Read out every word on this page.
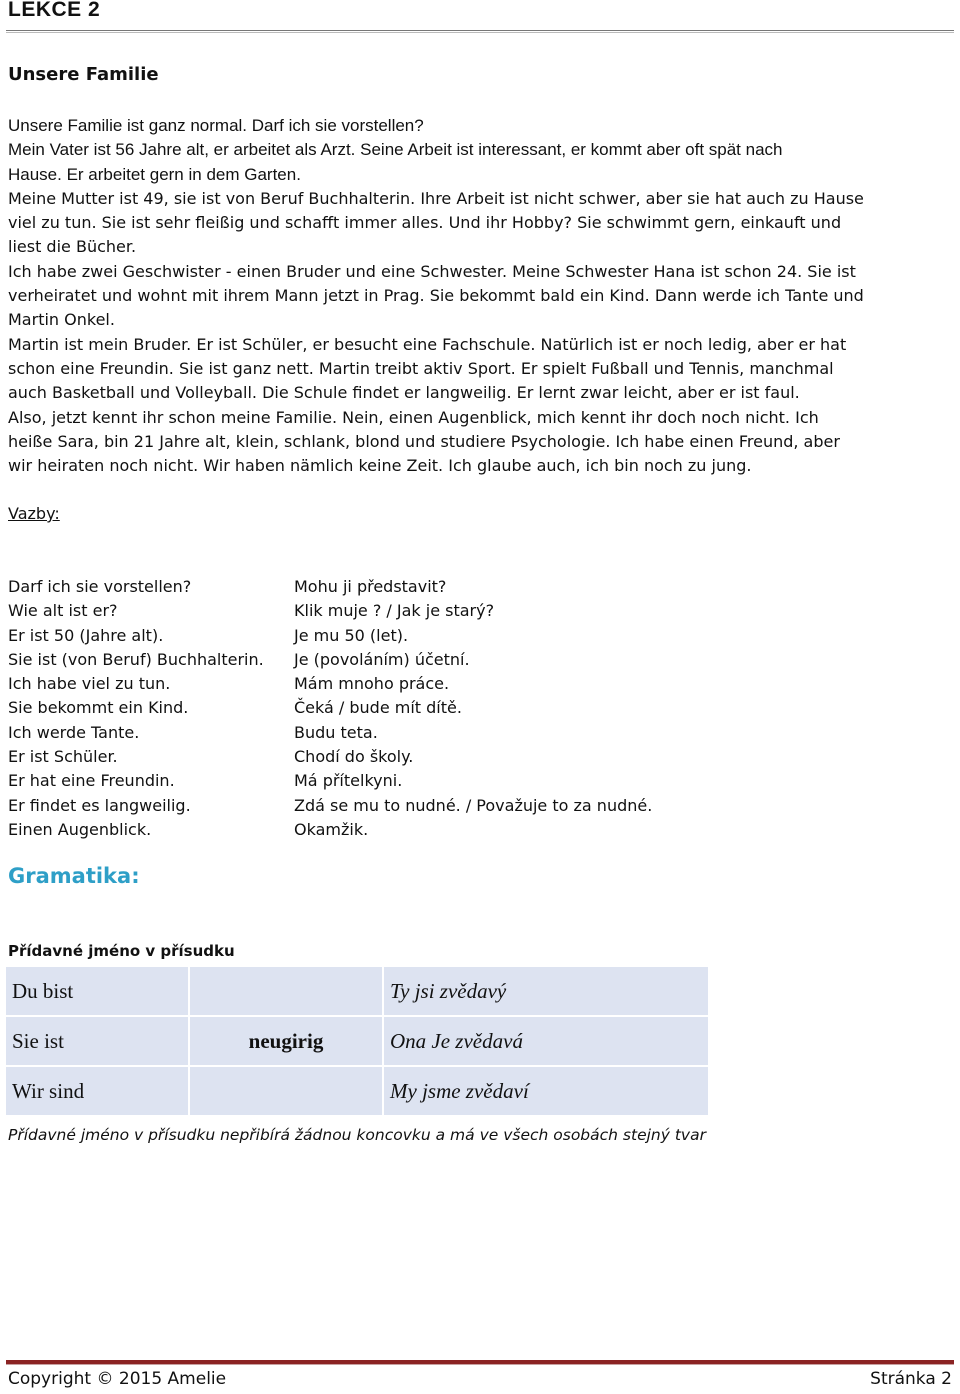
LEKCE 2
Unsere Familie

Unsere Familie ist ganz normal. Darf ich sie vorstellen?

Mein Vater ist 56 Jahre alt, er arbeitet als Arzt. Seine Arbeit ist interessant, er kommt aber oft spät nach

Hause. Er arbeitet gern in dem Garten.

Meine Mutter ist 49, sie ist von Beruf Buchhalterin. Ihre Arbeit ist nicht schwer, aber sie hat auch zu Hause

viel zu tun. Sie ist sehr fleißig und schafft immer alles. Und ihr Hobby? Sie schwimmt gern, einkauft und

liest die Bücher.

Ich habe zwei Geschwister - einen Bruder und eine Schwester. Meine Schwester Hana ist schon 24. Sie ist

verheiratet und wohnt mit ihrem Mann jetzt in Prag. Sie bekommt bald ein Kind. Dann werde ich Tante und

Martin Onkel.

Martin ist mein Bruder. Er ist Schüler, er besucht eine Fachschule. Natürlich ist er noch ledig, aber er hat

schon eine Freundin. Sie ist ganz nett. Martin treibt aktiv Sport. Er spielt Fußball und Tennis, manchmal

auch Basketball und Volleyball. Die Schule findet er langweilig. Er lernt zwar leicht, aber er ist faul.

Also, jetzt kennt ihr schon meine Familie. Nein, einen Augenblick, mich kennt ihr doch noch nicht. Ich

heiße Sara, bin 21 Jahre alt, klein, schlank, blond und studiere Psychologie. Ich habe einen Freund, aber

wir heiraten noch nicht. Wir haben nämlich keine Zeit. Ich glaube auch, ich bin noch zu jung.

Vazby:
Darf ich sie vorstellen?	Mohu ji představit?
Wie alt ist er?	Klik muje ? / Jak je starý?
Er ist 50 (Jahre alt).	Je mu 50 (let).
Sie ist (von Beruf) Buchhalterin.	Je (povoláním) účetní.
Ich habe viel zu tun.	Mám mnoho práce.
Sie bekommt ein Kind.	Čeká / bude mít dítě.
Ich werde Tante.	Budu teta.
Er ist Schüler.	Chodí do školy.
Er hat eine Freundin.	Má přítelkyni.
Er findet es langweilig.	Zdá se mu to nudné. / Považuje to za nudné.
Einen Augenblick.	Okamžik.
Gramatika:
Přídavné jméno v přísudku
Du bist		Ty jsi zvědavý
Sie ist	neugirig	Ona Je zvědavá
Wir sind		My jsme zvědaví
Přídavné jméno v přísudku nepřibírá žádnou koncovku a má ve všech osobách stejný tvar
Copyright © 2015 Amelie	Stránka 2
